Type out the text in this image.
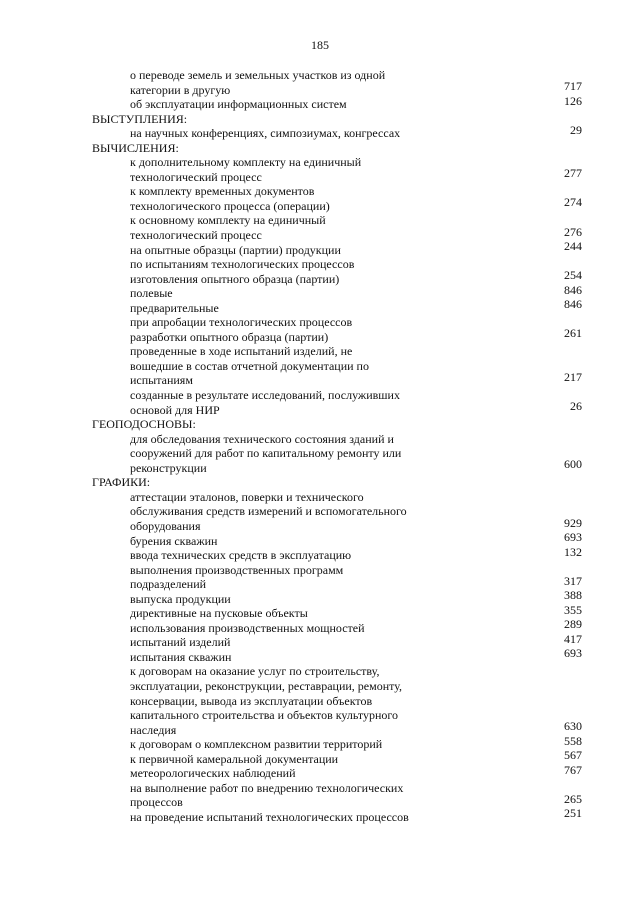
185
о переводе земель и земельных участков из одной
категории в другую	717
об эксплуатации информационных систем	126
ВЫСТУПЛЕНИЯ:
на научных конференциях, симпозиумах, конгрессах	29
ВЫЧИСЛЕНИЯ:
к дополнительному комплекту на единичный
технологический процесс	277
к комплекту временных документов
технологического процесса (операции)	274
к основному комплекту на единичный
технологический процесс	276
на опытные образцы (партии) продукции	244
по испытаниям технологических процессов
изготовления опытного образца (партии)	254
полевые	846
предварительные	846
при апробации технологических процессов
разработки опытного образца (партии)	261
проведенные в ходе испытаний изделий, не
вошедшие в состав отчетной документации по
испытаниям	217
созданные в результате исследований, послуживших
основой для НИР	26
ГЕОПОДОСНОВЫ:
для обследования технического состояния зданий и
сооружений для работ по капитальному ремонту или
реконструкции	600
ГРАФИКИ:
аттестации эталонов, поверки и технического
обслуживания средств измерений и вспомогательного
оборудования	929
бурения скважин	693
ввода технических средств в эксплуатацию	132
выполнения производственных программ
подразделений	317
выпуска продукции	388
директивные на пусковые объекты	355
использования производственных мощностей	289
испытаний изделий	417
испытания скважин	693
к договорам на оказание услуг по строительству,
эксплуатации, реконструкции, реставрации, ремонту,
консервации, вывода из эксплуатации объектов
капитального строительства и объектов культурного
наследия	630
к договорам о комплексном развитии территорий	558
к первичной камеральной документации	567
метеорологических наблюдений	767
на выполнение работ по внедрению технологических
процессов	265
на проведение испытаний технологических процессов	251
